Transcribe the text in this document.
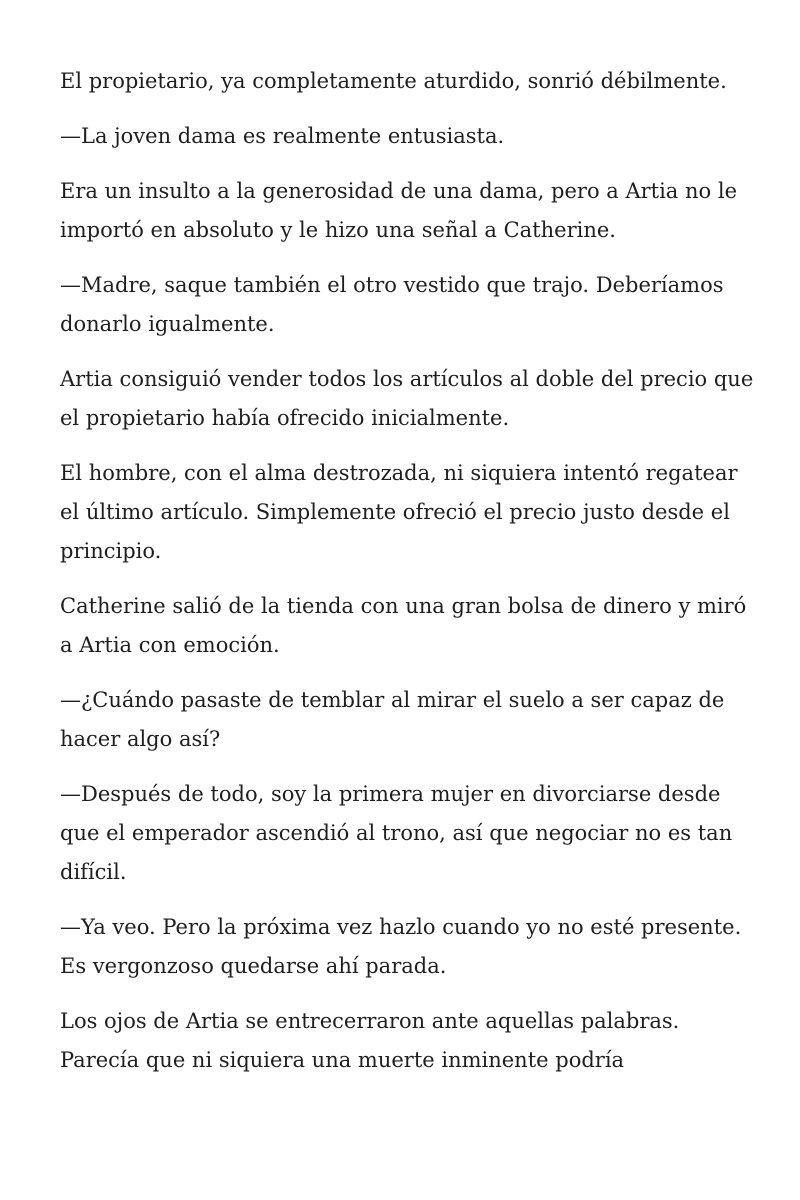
El propietario, ya completamente aturdido, sonrió débilmente.

—La joven dama es realmente entusiasta.

Era un insulto a la generosidad de una dama, pero a Artia no le importó en absoluto y le hizo una señal a Catherine.

—Madre, saque también el otro vestido que trajo. Deberíamos donarlo igualmente.

Artia consiguió vender todos los artículos al doble del precio que el propietario había ofrecido inicialmente.

El hombre, con el alma destrozada, ni siquiera intentó regatear el último artículo. Simplemente ofreció el precio justo desde el principio.

Catherine salió de la tienda con una gran bolsa de dinero y miró a Artia con emoción.

—¿Cuándo pasaste de temblar al mirar el suelo a ser capaz de hacer algo así?

—Después de todo, soy la primera mujer en divorciarse desde que el emperador ascendió al trono, así que negociar no es tan difícil.

—Ya veo. Pero la próxima vez hazlo cuando yo no esté presente. Es vergonzoso quedarse ahí parada.

Los ojos de Artia se entrecerraron ante aquellas palabras. Parecía que ni siquiera una muerte inminente podría
